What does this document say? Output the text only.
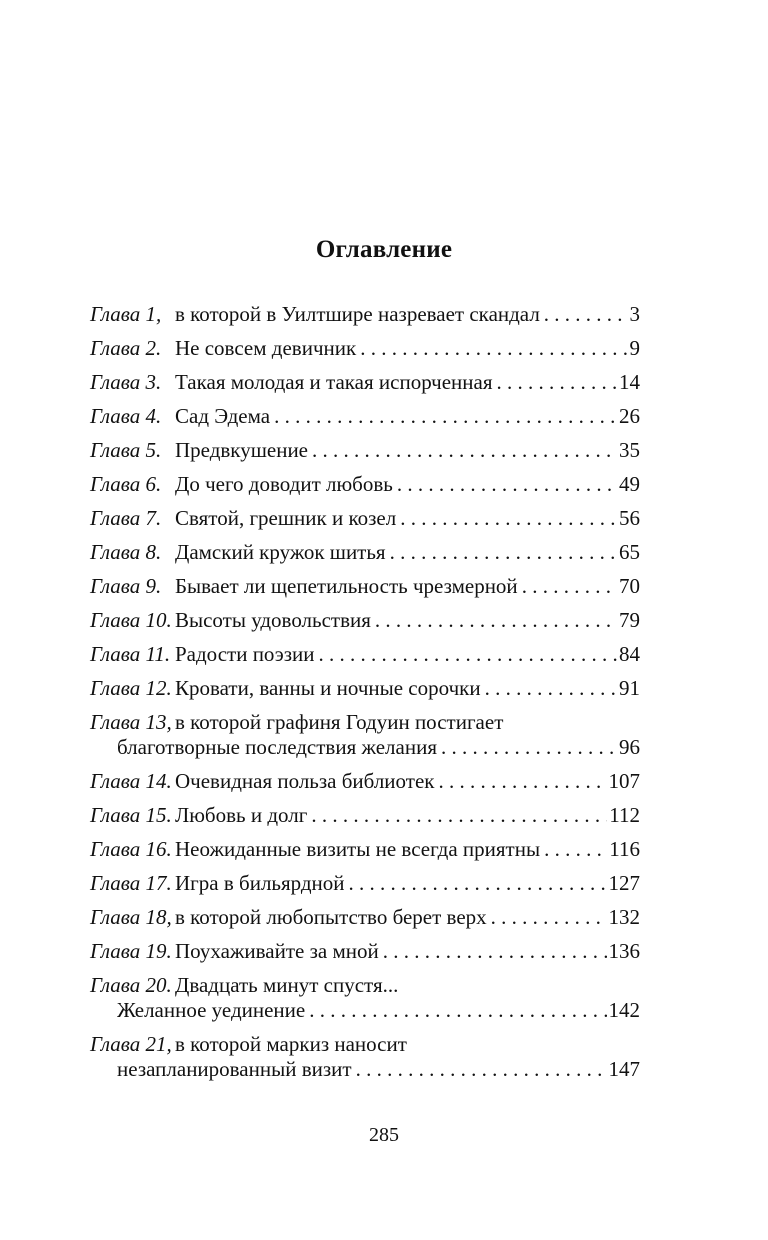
Оглавление
Глава 1, в которой в Уилтшире назревает скандал . . .	3
Глава 2. Не совсем девичник . . .	9
Глава 3. Такая молодая и такая испорченная . . .	14
Глава 4. Сад Эдема . . .	26
Глава 5. Предвкушение . . .	35
Глава 6. До чего доводит любовь . . .	49
Глава 7. Святой, грешник и козел . . .	56
Глава 8. Дамский кружок шитья . . .	65
Глава 9. Бывает ли щепетильность чрезмерной . . .	70
Глава 10. Высоты удовольствия . . .	79
Глава 11. Радости поэзии . . .	84
Глава 12. Кровати, ванны и ночные сорочки . . .	91
Глава 13, в которой графиня Годуин постигает
благотворные последствия желания . . .	96
Глава 14. Очевидная польза библиотек . . .	107
Глава 15. Любовь и долг . . .	112
Глава 16. Неожиданные визиты не всегда приятны . . .	116
Глава 17. Игра в бильярдной . . .	127
Глава 18, в которой любопытство берет верх . . .	132
Глава 19. Поухаживайте за мной . . .	136
Глава 20. Двадцать минут спустя...
Желанное уединение . . .	142
Глава 21, в которой маркиз наносит
незапланированный визит . . .	147
285
